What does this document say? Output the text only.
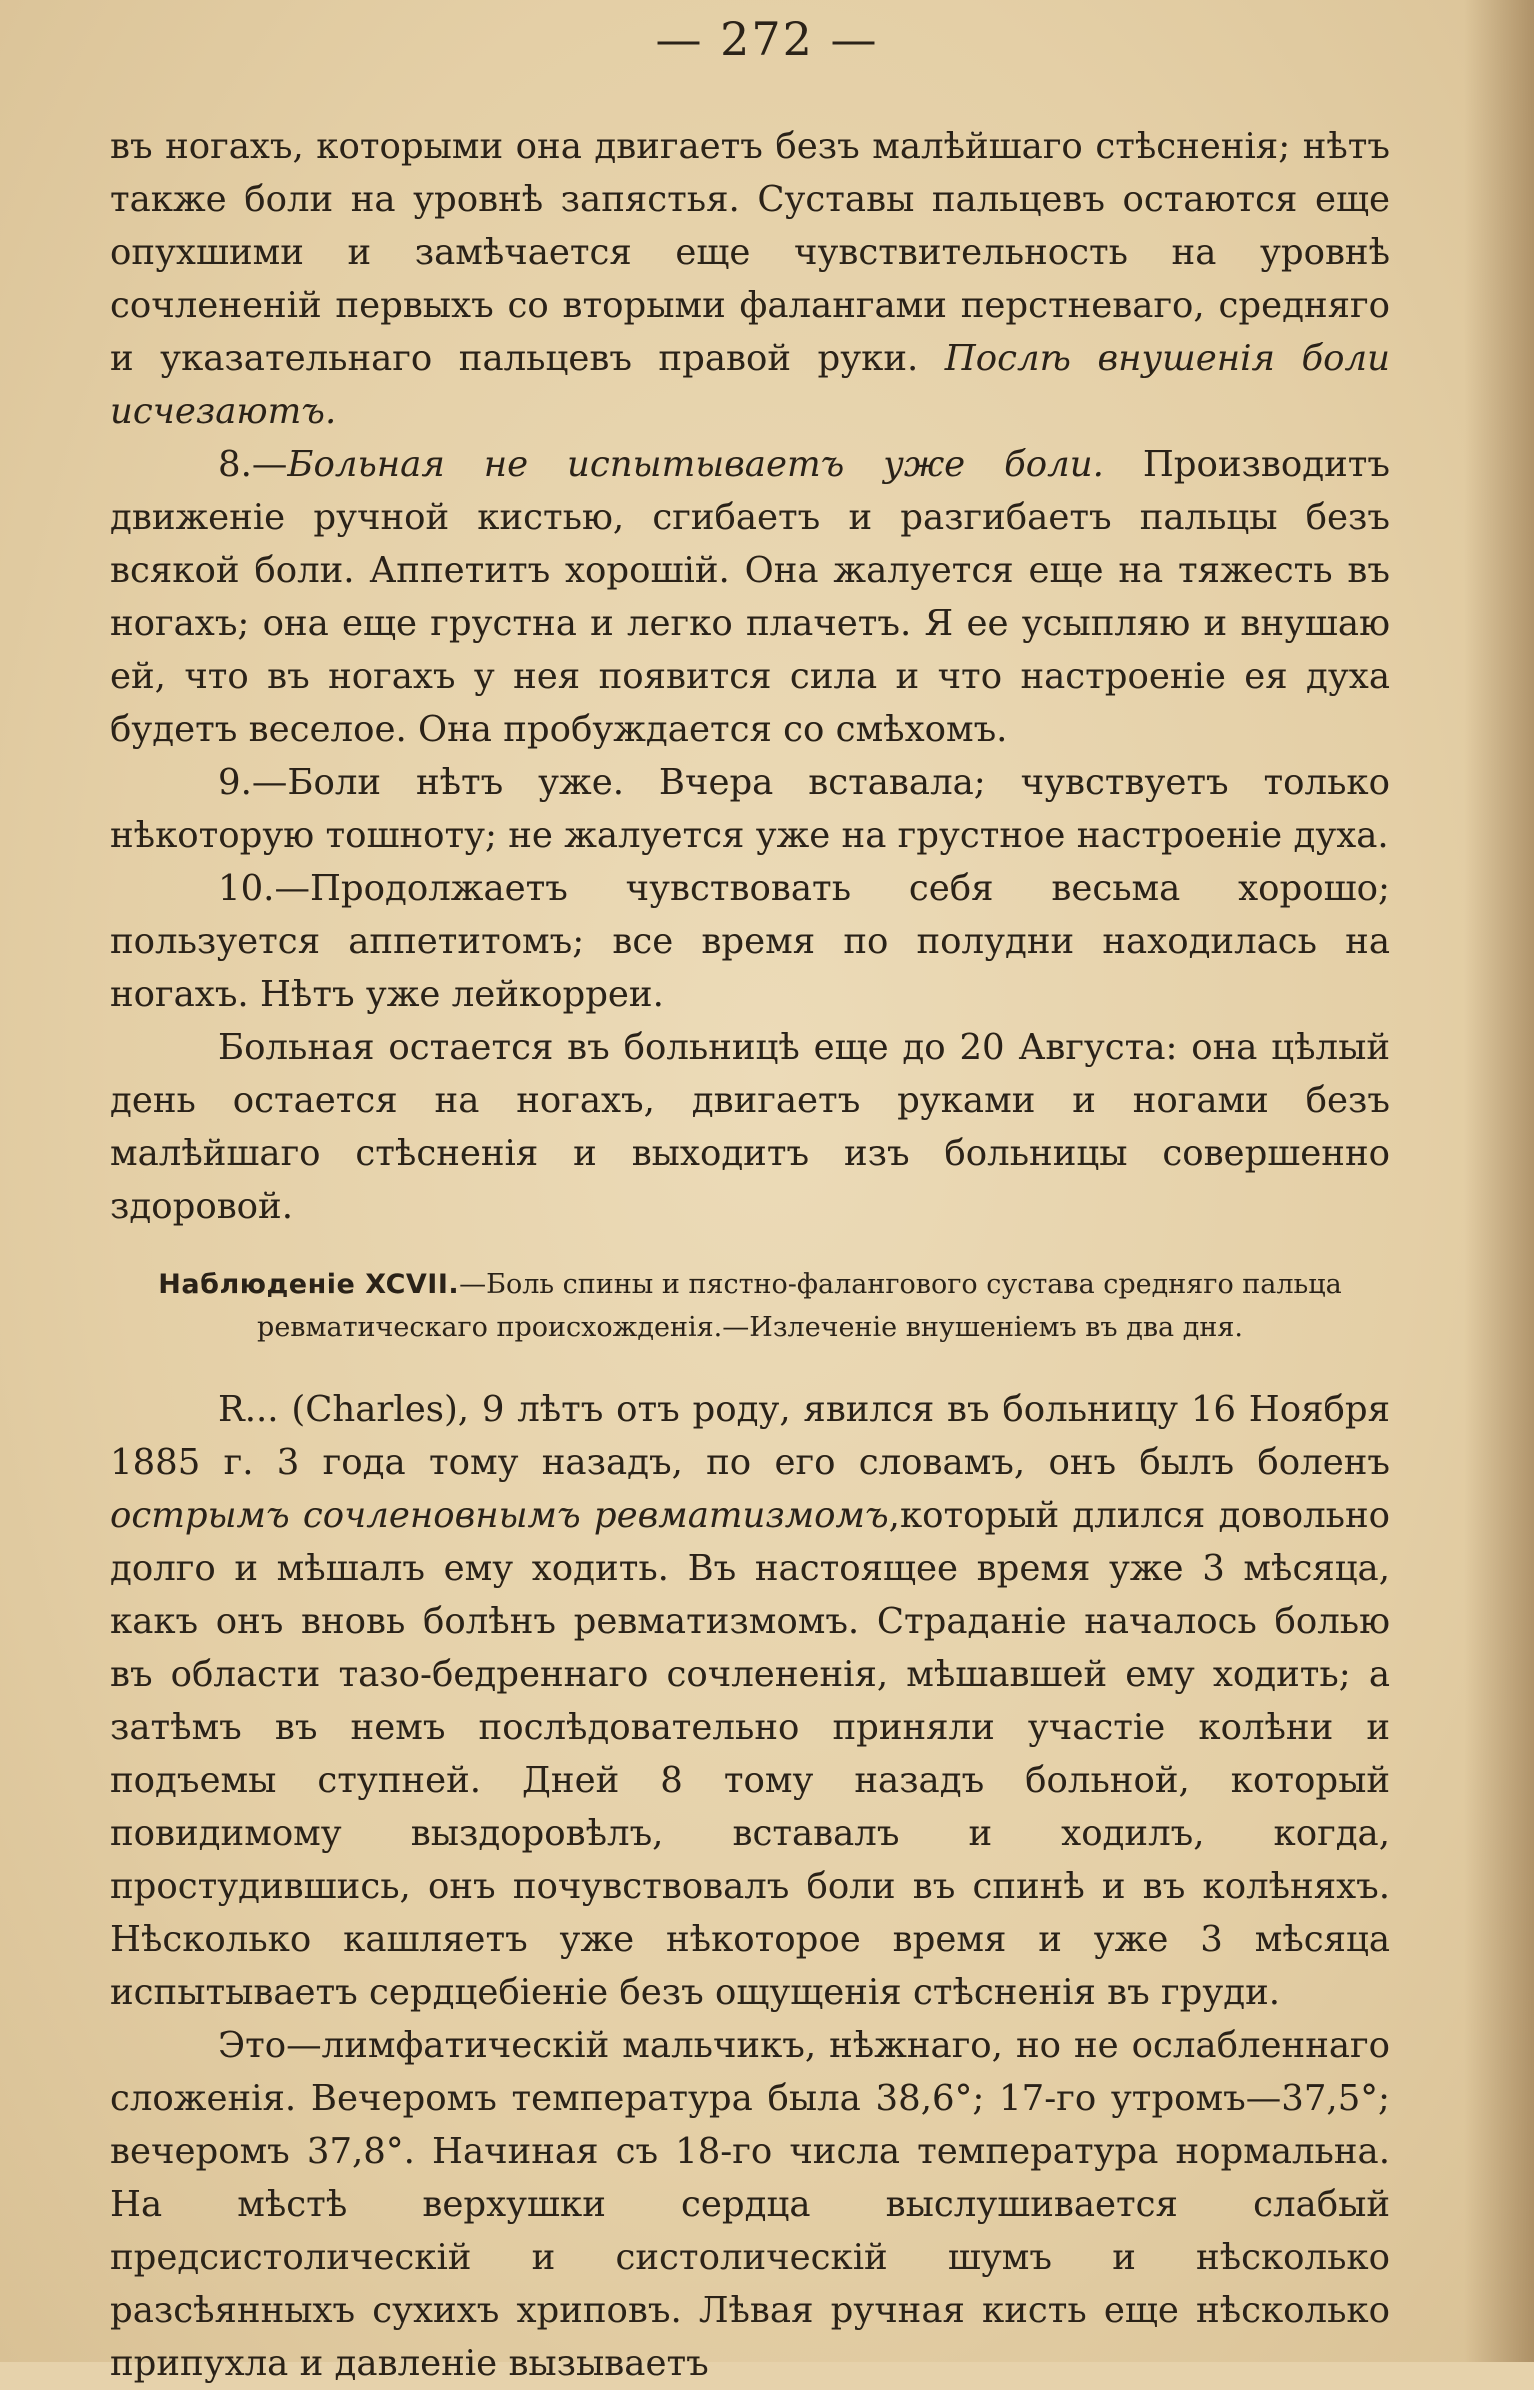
— 272 —

въ ногахъ, которыми она двигаетъ безъ малѣйшаго стѣсненія; нѣтъ также боли на уровнѣ запястья. Суставы пальцевъ остаются еще опухшими и замѣчается еще чувствительность на уровнѣ сочлененій первыхъ со вторыми фалангами перстневаго, средняго и указательнаго пальцевъ правой руки. Послѣ внушенія боли исчезаютъ.

8.—Больная не испытываетъ уже боли. Производитъ движеніе ручной кистью, сгибаетъ и разгибаетъ пальцы безъ всякой боли. Аппетитъ хорошій. Она жалуется еще на тяжесть въ ногахъ; она еще грустна и легко плачетъ. Я ее усыпляю и внушаю ей, что въ ногахъ у нея появится сила и что настроеніе ея духа будетъ веселое. Она пробуждается со смѣхомъ.

9.—Боли нѣтъ уже. Вчера вставала; чувствуетъ только нѣкоторую тошноту; не жалуется уже на грустное настроеніе духа.

10.—Продолжаетъ чувствовать себя весьма хорошо; пользуется аппетитомъ; все время по полудни находилась на ногахъ. Нѣтъ уже лейкорреи.

Больная остается въ больницѣ еще до 20 Августа: она цѣлый день остается на ногахъ, двигаетъ руками и ногами безъ малѣйшаго стѣсненія и выходитъ изъ больницы совершенно здоровой.

Наблюденіе XCVII.—Боль спины и пястно-фалангового сустава средняго пальца
ревматическаго происхожденія.—Излеченіе внушеніемъ въ два дня.

R... (Charles), 9 лѣтъ отъ роду, явился въ больницу 16 Ноября 1885 г. 3 года тому назадъ, по его словамъ, онъ былъ боленъ острымъ сочленовнымъ ревматизмомъ,который длился довольно долго и мѣшалъ ему ходить. Въ настоящее время уже 3 мѣсяца, какъ онъ вновь болѣнъ ревматизмомъ. Страданіе началось болью въ области тазо-бедреннаго сочлененія, мѣшавшей ему ходить; а затѣмъ въ немъ послѣдовательно приняли участіе колѣни и подъемы ступней. Дней 8 тому назадъ больной, который повидимому выздоровѣлъ, вставалъ и ходилъ, когда, простудившись, онъ почувствовалъ боли въ спинѣ и въ колѣняхъ. Нѣсколько кашляетъ уже нѣкоторое время и уже 3 мѣсяца испытываетъ сердцебіеніе безъ ощущенія стѣсненія въ груди.

Это—лимфатическій мальчикъ, нѣжнаго, но не ослабленнаго сложенія. Вечеромъ температура была 38,6°; 17-го утромъ—37,5°; вечеромъ 37,8°. Начиная съ 18-го числа температура нормальна. На мѣстѣ верхушки сердца выслушивается слабый предсистолическій и систолическій шумъ и нѣсколько разсѣянныхъ сухихъ хриповъ. Лѣвая ручная кисть еще нѣсколько припухла и давленіе вызываетъ
